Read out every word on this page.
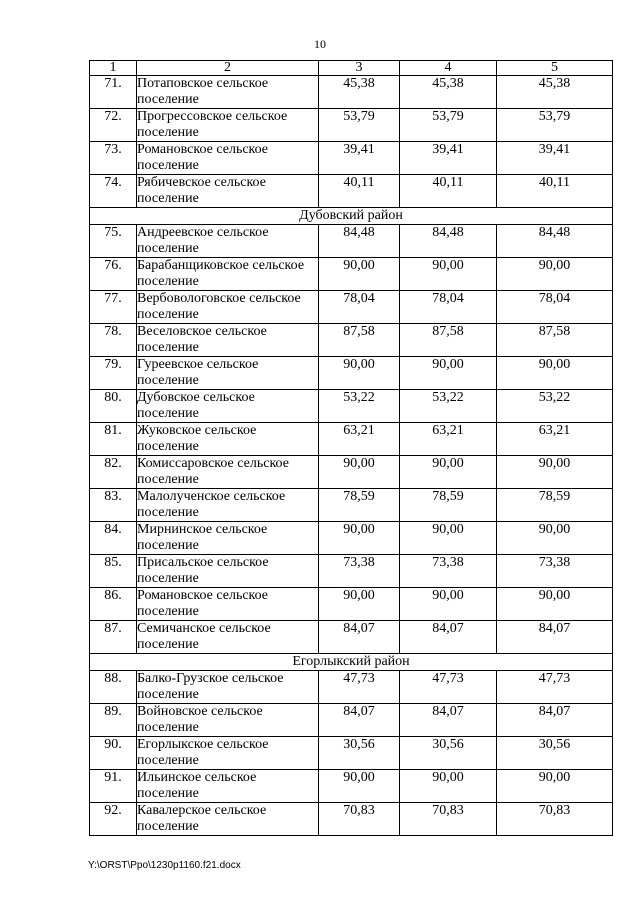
10
1	2	3	4	5
71.	Потаповское сельское поселение	45,38	45,38	45,38
72.	Прогрессовское сельское поселение	53,79	53,79	53,79
73.	Романовское сельское поселение	39,41	39,41	39,41
74.	Рябичевское сельское поселение	40,11	40,11	40,11
Дубовский район				
75.	Андреевское сельское поселение	84,48	84,48	84,48
76.	Барабанщиковское сельское поселение	90,00	90,00	90,00
77.	Вербовологовское сельское поселение	78,04	78,04	78,04
78.	Веселовское сельское поселение	87,58	87,58	87,58
79.	Гуреевское сельское поселение	90,00	90,00	90,00
80.	Дубовское сельское поселение	53,22	53,22	53,22
81.	Жуковское сельское поселение	63,21	63,21	63,21
82.	Комиссаровское сельское поселение	90,00	90,00	90,00
83.	Малолученское сельское поселение	78,59	78,59	78,59
84.	Мирнинское сельское поселение	90,00	90,00	90,00
85.	Присальское сельское поселение	73,38	73,38	73,38
86.	Романовское сельское поселение	90,00	90,00	90,00
87.	Семичанское сельское поселение	84,07	84,07	84,07
Егорлыкский район				
88.	Балко-Грузское сельское поселение	47,73	47,73	47,73
89.	Войновское сельское поселение	84,07	84,07	84,07
90.	Егорлыкское сельское поселение	30,56	30,56	30,56
91.	Ильинское сельское поселение	90,00	90,00	90,00
92.	Кавалерское сельское поселение	70,83	70,83	70,83
Y:\ORST\Ppo\1230p1160.f21.docx
